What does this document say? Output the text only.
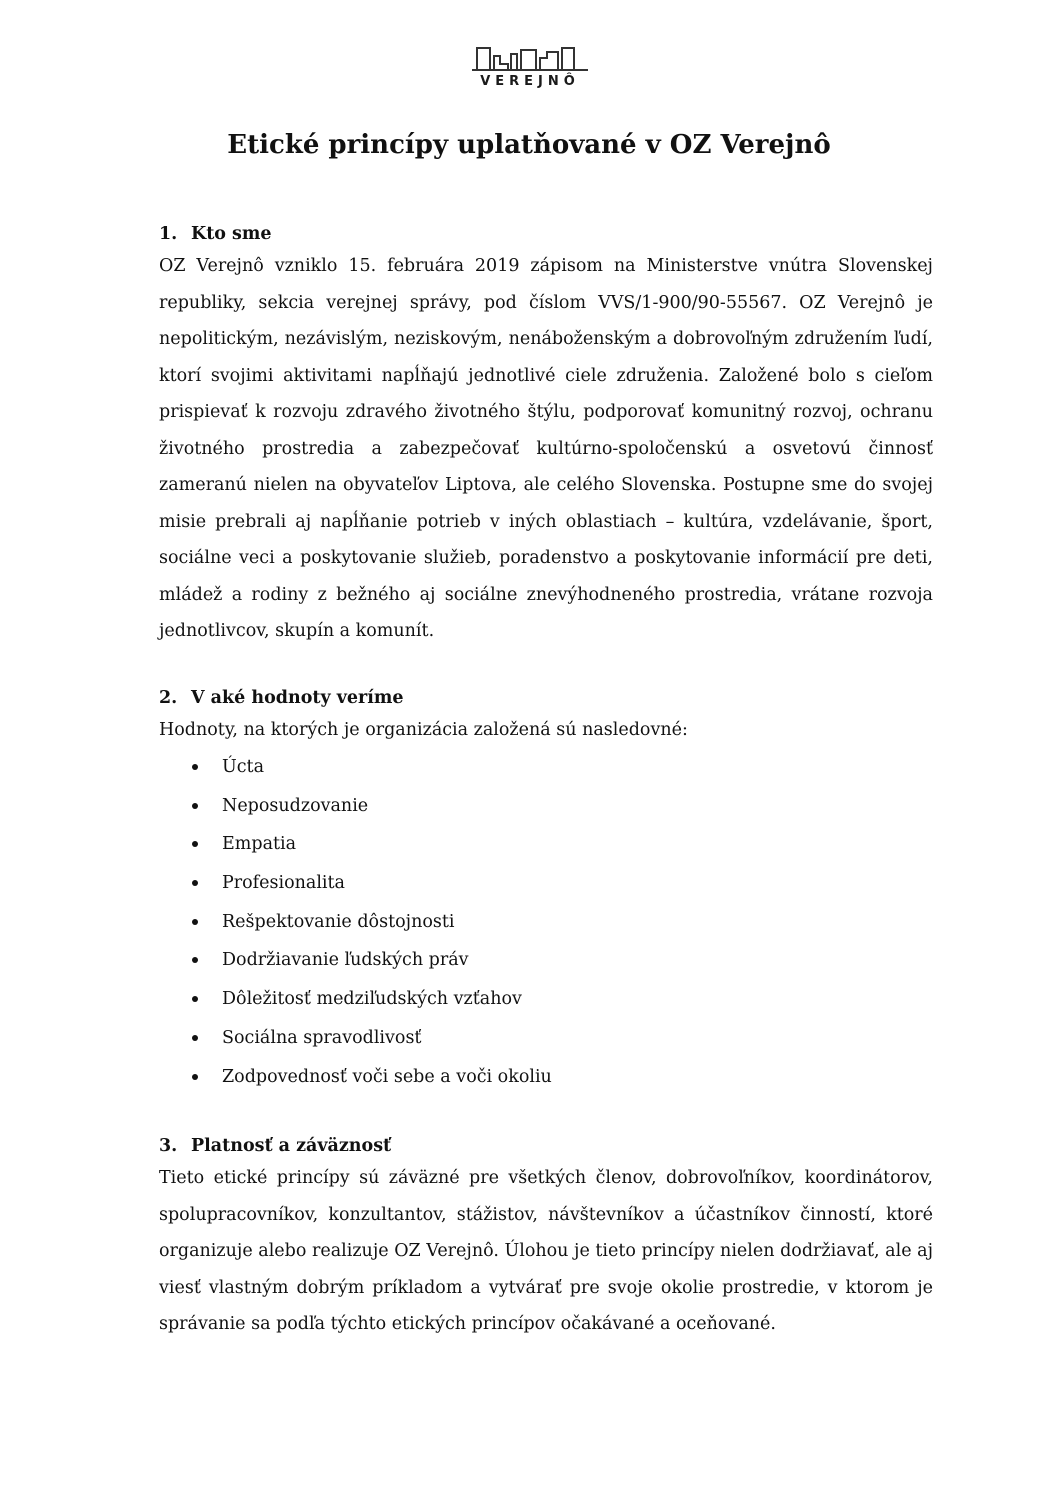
VEREJNÔ
Etické princípy uplatňované v OZ Verejnô
1. Kto sme

OZ Verejnô vzniklo 15. februára 2019 zápisom na Ministerstve vnútra Slovenskej republiky, sekcia verejnej správy, pod číslom VVS/1-900/90-55567. OZ Verejnô je nepolitickým, nezávislým, neziskovým, nenáboženským a dobrovoľným združením ľudí, ktorí svojimi aktivitami napĺňajú jednotlivé ciele združenia. Založené bolo s cieľom prispievať k rozvoju zdravého životného štýlu, podporovať komunitný rozvoj, ochranu životného prostredia a zabezpečovať kultúrno-spoločenskú a osvetovú činnosť zameranú nielen na obyvateľov Liptova, ale celého Slovenska. Postupne sme do svojej misie prebrali aj napĺňanie potrieb v iných oblastiach – kultúra, vzdelávanie, šport, sociálne veci a poskytovanie služieb, poradenstvo a poskytovanie informácií pre deti, mládež a rodiny z bežného aj sociálne znevýhodneného prostredia, vrátane rozvoja jednotlivcov, skupín a komunít.

2. V aké hodnoty veríme

Hodnoty, na ktorých je organizácia založená sú nasledovné:

Úcta
Neposudzovanie
Empatia
Profesionalita
Rešpektovanie dôstojnosti
Dodržiavanie ľudských práv
Dôležitosť medziľudských vzťahov
Sociálna spravodlivosť
Zodpovednosť voči sebe a voči okoliu
3. Platnosť a záväznosť

Tieto etické princípy sú záväzné pre všetkých členov, dobrovoľníkov, koordinátorov, spolupracovníkov, konzultantov, stážistov, návštevníkov a účastníkov činností, ktoré organizuje alebo realizuje OZ Verejnô. Úlohou je tieto princípy nielen dodržiavať, ale aj viesť vlastným dobrým príkladom a vytvárať pre svoje okolie prostredie, v ktorom je správanie sa podľa týchto etických princípov očakávané a oceňované.
